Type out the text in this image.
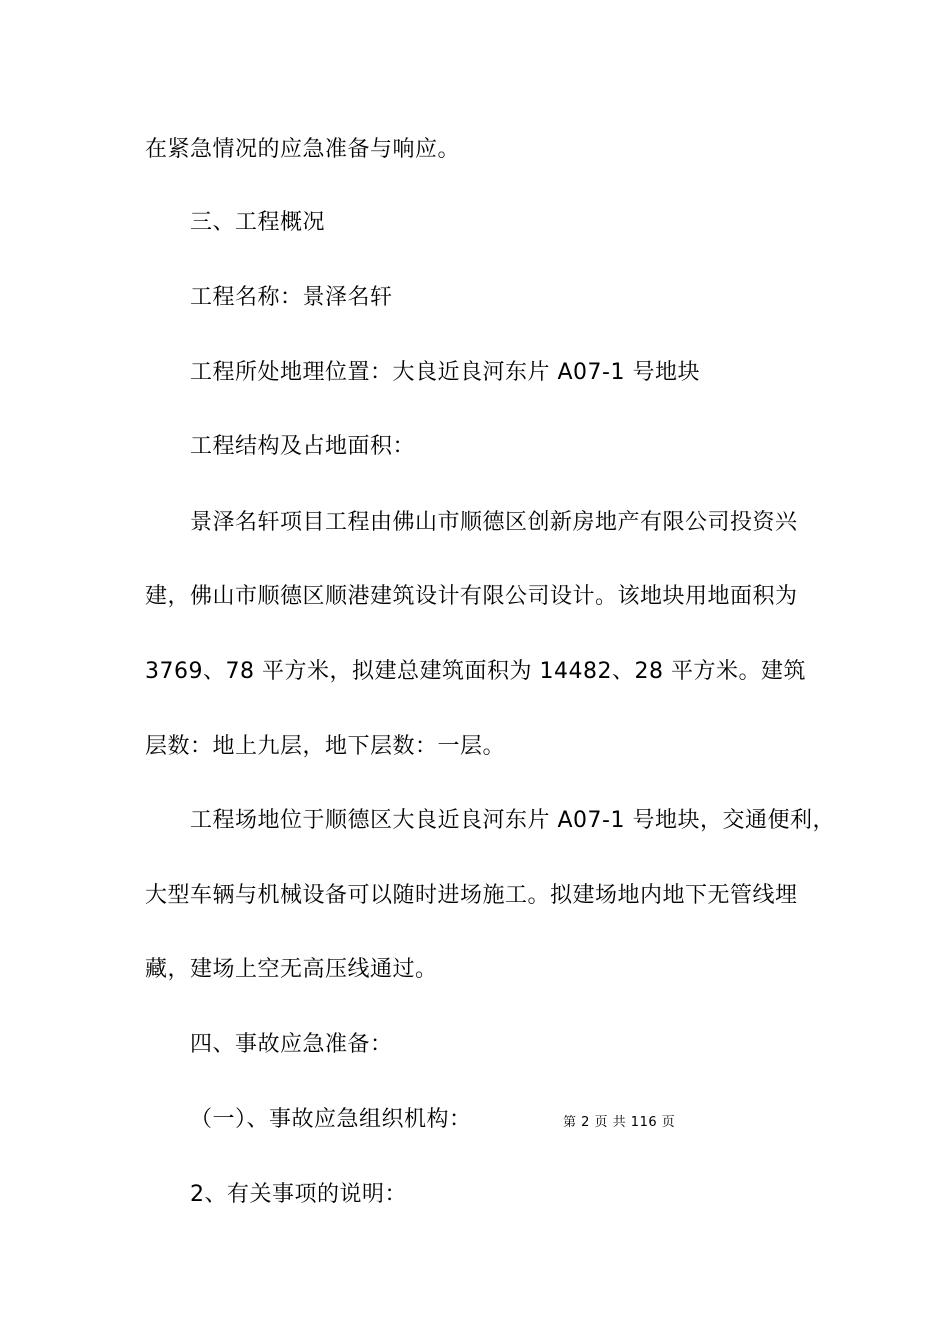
在紧急情况的应急准备与响应。
三、工程概况
工程名称：景泽名轩
工程所处地理位置：大良近良河东片 A07-1 号地块
工程结构及占地面积：
景泽名轩项目工程由佛山市顺德区创新房地产有限公司投资兴
建，佛山市顺德区顺港建筑设计有限公司设计。该地块用地面积为
3769、78 平方米，拟建总建筑面积为 14482、28 平方米。建筑
层数：地上九层，地下层数：一层。
工程场地位于顺德区大良近良河东片 A07-1 号地块，交通便利，
大型车辆与机械设备可以随时进场施工。拟建场地内地下无管线埋
藏，建场上空无高压线通过。
四、事故应急准备：
（一）、事故应急组织机构：	第 2 页 共 116 页
2、有关事项的说明：
